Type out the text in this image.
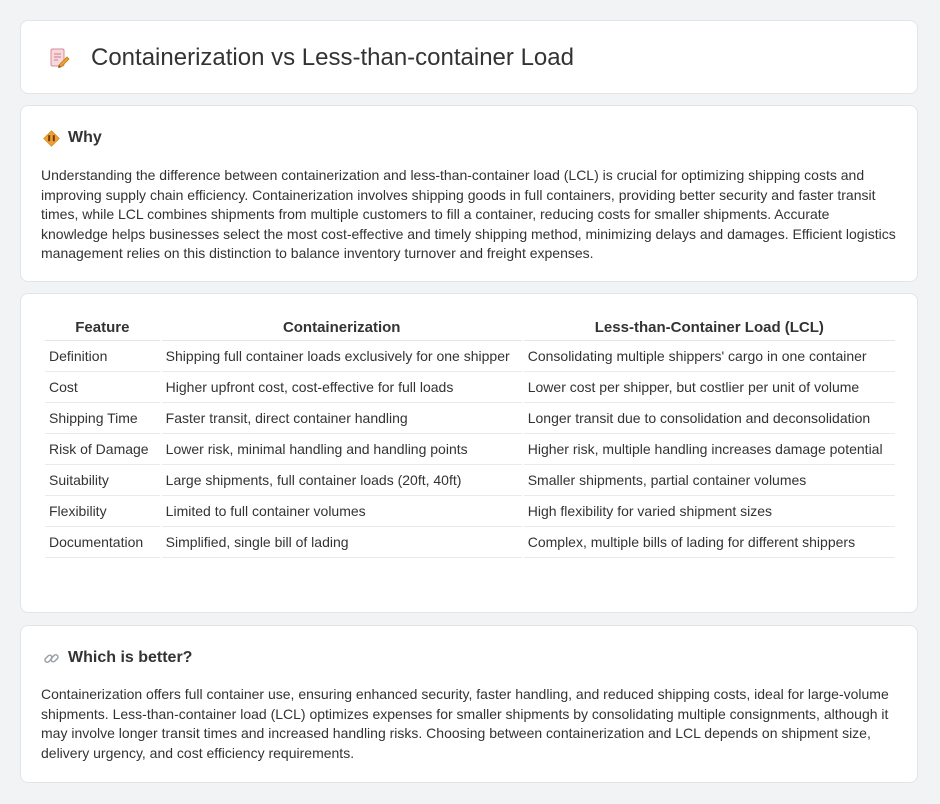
Containerization vs Less-than-container Load
Why

Understanding the difference between containerization and less-than-container load (LCL) is crucial for optimizing shipping costs and improving supply chain efficiency. Containerization involves shipping goods in full containers, providing better security and faster transit times, while LCL combines shipments from multiple customers to fill a container, reducing costs for smaller shipments. Accurate knowledge helps businesses select the most cost-effective and timely shipping method, minimizing delays and damages. Efficient logistics management relies on this distinction to balance inventory turnover and freight expenses.

Feature	Containerization	Less-than-Container Load (LCL)
Definition	Shipping full container loads exclusively for one shipper	Consolidating multiple shippers' cargo in one container
Cost	Higher upfront cost, cost-effective for full loads	Lower cost per shipper, but costlier per unit of volume
Shipping Time	Faster transit, direct container handling	Longer transit due to consolidation and deconsolidation
Risk of Damage	Lower risk, minimal handling and handling points	Higher risk, multiple handling increases damage potential
Suitability	Large shipments, full container loads (20ft, 40ft)	Smaller shipments, partial container volumes
Flexibility	Limited to full container volumes	High flexibility for varied shipment sizes
Documentation	Simplified, single bill of lading	Complex, multiple bills of lading for different shippers
Which is better?

Containerization offers full container use, ensuring enhanced security, faster handling, and reduced shipping costs, ideal for large-volume shipments. Less-than-container load (LCL) optimizes expenses for smaller shipments by consolidating multiple consignments, although it may involve longer transit times and increased handling risks. Choosing between containerization and LCL depends on shipment size, delivery urgency, and cost efficiency requirements.
